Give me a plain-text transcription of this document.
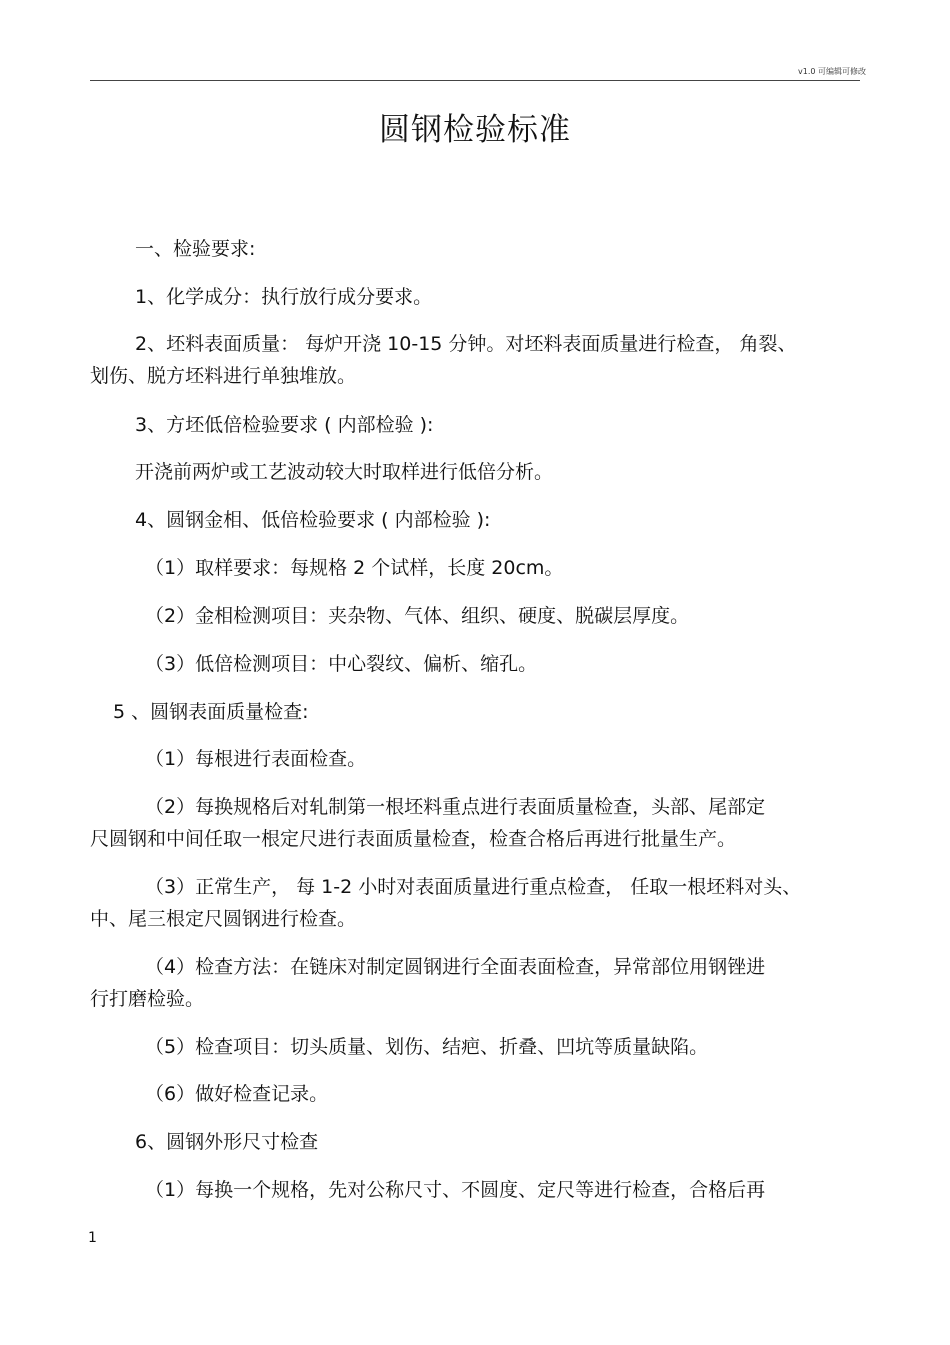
v1.0 可编辑可修改
圆钢检验标准

一、检验要求:

1、化学成分：执行放行成分要求。

2、坯料表面质量： 每炉开浇 10-15 分钟。对坯料表面质量进行检查， 角裂、

划伤、脱方坯料进行单独堆放。

3、方坯低倍检验要求 ( 内部检验 ):

开浇前两炉或工艺波动较大时取样进行低倍分析。

4、圆钢金相、低倍检验要求 ( 内部检验 ):

（1）取样要求：每规格 2 个试样，长度 20cm。

（2）金相检测项目：夹杂物、气体、组织、硬度、脱碳层厚度。

（3）低倍检测项目：中心裂纹、偏析、缩孔。

5 、圆钢表面质量检查:

（1）每根进行表面检查。

（2）每换规格后对轧制第一根坯料重点进行表面质量检查，头部、尾部定

尺圆钢和中间任取一根定尺进行表面质量检查，检查合格后再进行批量生产。

（3）正常生产， 每 1-2 小时对表面质量进行重点检查， 任取一根坯料对头、

中、尾三根定尺圆钢进行检查。

（4）检查方法：在链床对制定圆钢进行全面表面检查，异常部位用钢锉进

行打磨检验。

（5）检查项目：切头质量、划伤、结疤、折叠、凹坑等质量缺陷。

（6）做好检查记录。

6、圆钢外形尺寸检查

（1）每换一个规格，先对公称尺寸、不圆度、定尺等进行检查，合格后再

1
